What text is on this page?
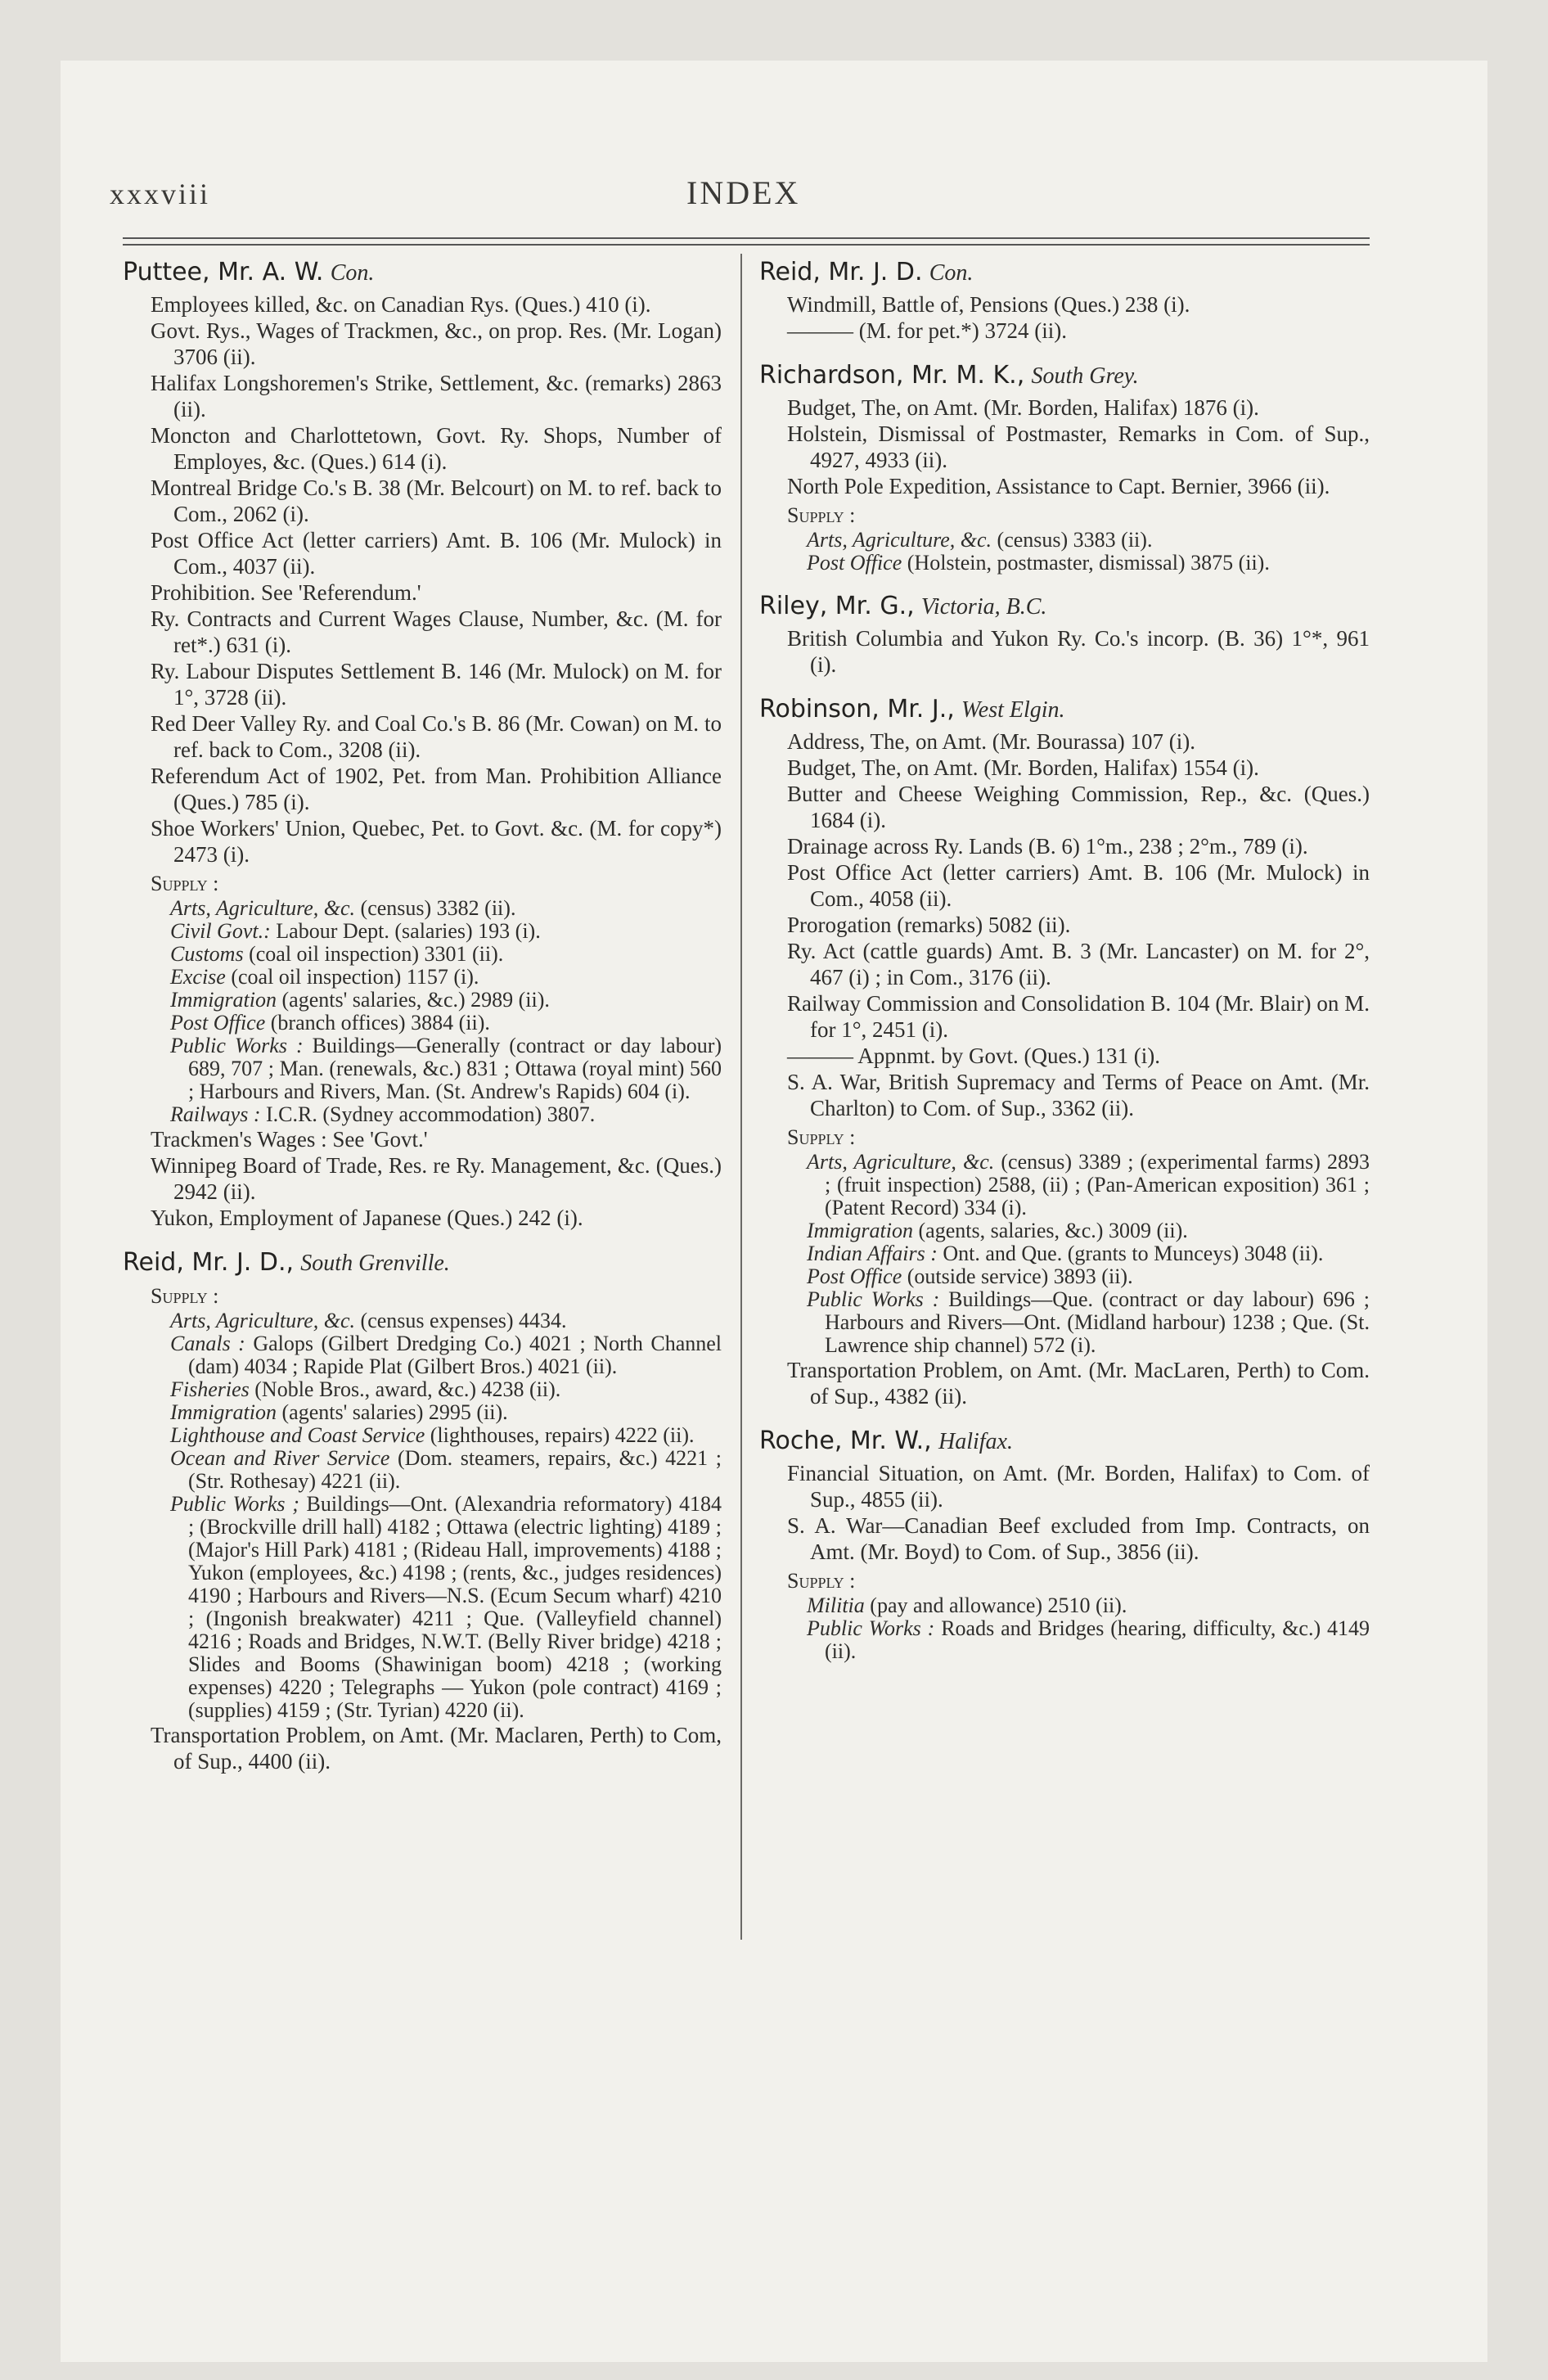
xxxviii	INDEX
Puttee, Mr. A. W. Con.

Employees killed, &c. on Canadian Rys. (Ques.) 410 (i).

Govt. Rys., Wages of Trackmen, &c., on prop. Res. (Mr. Logan) 3706 (ii).

Halifax Longshoremen's Strike, Settlement, &c. (remarks) 2863 (ii).

Moncton and Charlottetown, Govt. Ry. Shops, Number of Employes, &c. (Ques.) 614 (i).

Montreal Bridge Co.'s B. 38 (Mr. Belcourt) on M. to ref. back to Com., 2062 (i).

Post Office Act (letter carriers) Amt. B. 106 (Mr. Mulock) in Com., 4037 (ii).

Prohibition. See 'Referendum.'

Ry. Contracts and Current Wages Clause, Number, &c. (M. for ret*.) 631 (i).

Ry. Labour Disputes Settlement B. 146 (Mr. Mulock) on M. for 1°, 3728 (ii).

Red Deer Valley Ry. and Coal Co.'s B. 86 (Mr. Cowan) on M. to ref. back to Com., 3208 (ii).

Referendum Act of 1902, Pet. from Man. Prohibition Alliance (Ques.) 785 (i).

Shoe Workers' Union, Quebec, Pet. to Govt. &c. (M. for copy*) 2473 (i).

Supply :

Arts, Agriculture, &c. (census) 3382 (ii).

Civil Govt.: Labour Dept. (salaries) 193 (i).

Customs (coal oil inspection) 3301 (ii).

Excise (coal oil inspection) 1157 (i).

Immigration (agents' salaries, &c.) 2989 (ii).

Post Office (branch offices) 3884 (ii).

Public Works : Buildings—Generally (contract or day labour) 689, 707 ; Man. (renewals, &c.) 831 ; Ottawa (royal mint) 560 ; Harbours and Rivers, Man. (St. Andrew's Rapids) 604 (i).

Railways : I.C.R. (Sydney accommodation) 3807.

Trackmen's Wages : See 'Govt.'

Winnipeg Board of Trade, Res. re Ry. Management, &c. (Ques.) 2942 (ii).

Yukon, Employment of Japanese (Ques.) 242 (i).

Reid, Mr. J. D., South Grenville.
Supply :

Arts, Agriculture, &c. (census expenses) 4434.

Canals : Galops (Gilbert Dredging Co.) 4021 ; North Channel (dam) 4034 ; Rapide Plat (Gilbert Bros.) 4021 (ii).

Fisheries (Noble Bros., award, &c.) 4238 (ii).

Immigration (agents' salaries) 2995 (ii).

Lighthouse and Coast Service (lighthouses, repairs) 4222 (ii).

Ocean and River Service (Dom. steamers, repairs, &c.) 4221 ; (Str. Rothesay) 4221 (ii).

Public Works ; Buildings—Ont. (Alexandria reformatory) 4184 ; (Brockville drill hall) 4182 ; Ottawa (electric lighting) 4189 ; (Major's Hill Park) 4181 ; (Rideau Hall, improvements) 4188 ; Yukon (employees, &c.) 4198 ; (rents, &c., judges residences) 4190 ; Harbours and Rivers—N.S. (Ecum Secum wharf) 4210 ; (Ingonish breakwater) 4211 ; Que. (Valleyfield channel) 4216 ; Roads and Bridges, N.W.T. (Belly River bridge) 4218 ; Slides and Booms (Shawinigan boom) 4218 ; (working expenses) 4220 ; Telegraphs — Yukon (pole contract) 4169 ; (supplies) 4159 ; (Str. Tyrian) 4220 (ii).

Transportation Problem, on Amt. (Mr. Maclaren, Perth) to Com, of Sup., 4400 (ii).

Reid, Mr. J. D. Con.

Windmill, Battle of, Pensions (Ques.) 238 (i).

——— (M. for pet.*) 3724 (ii).

Richardson, Mr. M. K., South Grey.

Budget, The, on Amt. (Mr. Borden, Halifax) 1876 (i).

Holstein, Dismissal of Postmaster, Remarks in Com. of Sup., 4927, 4933 (ii).

North Pole Expedition, Assistance to Capt. Bernier, 3966 (ii).

Supply :

Arts, Agriculture, &c. (census) 3383 (ii).

Post Office (Holstein, postmaster, dismissal) 3875 (ii).

Riley, Mr. G., Victoria, B.C.

British Columbia and Yukon Ry. Co.'s incorp. (B. 36) 1°*, 961 (i).

Robinson, Mr. J., West Elgin.

Address, The, on Amt. (Mr. Bourassa) 107 (i).

Budget, The, on Amt. (Mr. Borden, Halifax) 1554 (i).

Butter and Cheese Weighing Commission, Rep., &c. (Ques.) 1684 (i).

Drainage across Ry. Lands (B. 6) 1°m., 238 ; 2°m., 789 (i).

Post Office Act (letter carriers) Amt. B. 106 (Mr. Mulock) in Com., 4058 (ii).

Prorogation (remarks) 5082 (ii).

Ry. Act (cattle guards) Amt. B. 3 (Mr. Lancaster) on M. for 2°, 467 (i) ; in Com., 3176 (ii).

Railway Commission and Consolidation B. 104 (Mr. Blair) on M. for 1°, 2451 (i).

——— Appnmt. by Govt. (Ques.) 131 (i).

S. A. War, British Supremacy and Terms of Peace on Amt. (Mr. Charlton) to Com. of Sup., 3362 (ii).

Supply :

Arts, Agriculture, &c. (census) 3389 ; (experimental farms) 2893 ; (fruit inspection) 2588, (ii) ; (Pan-American exposition) 361 ; (Patent Record) 334 (i).

Immigration (agents, salaries, &c.) 3009 (ii).

Indian Affairs : Ont. and Que. (grants to Munceys) 3048 (ii).

Post Office (outside service) 3893 (ii).

Public Works : Buildings—Que. (contract or day labour) 696 ; Harbours and Rivers—Ont. (Midland harbour) 1238 ; Que. (St. Lawrence ship channel) 572 (i).

Transportation Problem, on Amt. (Mr. MacLaren, Perth) to Com. of Sup., 4382 (ii).

Roche, Mr. W., Halifax.

Financial Situation, on Amt. (Mr. Borden, Halifax) to Com. of Sup., 4855 (ii).

S. A. War—Canadian Beef excluded from Imp. Contracts, on Amt. (Mr. Boyd) to Com. of Sup., 3856 (ii).

Supply :

Militia (pay and allowance) 2510 (ii).

Public Works : Roads and Bridges (hearing, difficulty, &c.) 4149 (ii).
